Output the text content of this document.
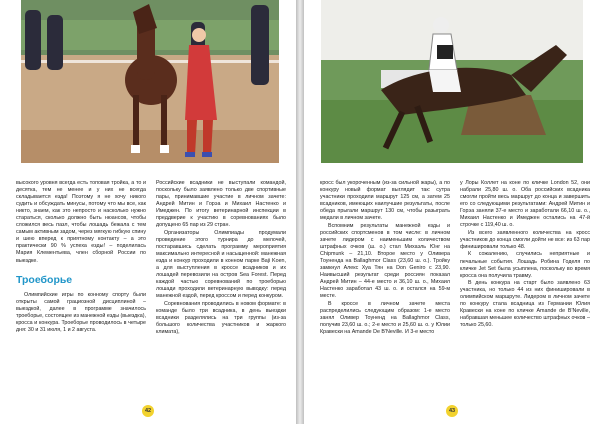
высокого уровня всегда есть топовая тройка, а то и десятка, тем не менее и у них не всегда складывается езда! Поэтому я не хочу никого судить и обсуждать минусы, потому что мы все, как никто, знаем, как это непросто и насколько нужно стараться, сколько должно быть нюансов, чтобы сложился весь пазл, чтобы лошадь бежала с тем самым активным задом, через мягкую гибкую спину и шею вперед к приятному контакту – а это практически 90 % успеха езды! – поделилась Мария Клементьева, член сборной России по выездке.

Троеборье

Олимпийские игры по конному спорту были открыты самой грациозной дисциплиной – выездкой, далее в программе значилось троеборье, состоящее из манежной езды (выездка), кросса и конкура. Троеборье проводилось в четыре дня: 30 и 31 июля, 1 и 2 августа.

Российские всадники не выступали командой, поскольку было заявлено только две спортивные пары, принимавшие участие в личном зачете: Андрей Митин и Горэа и Михаил Настенко и Имеджен. По итогу ветеринарной инспекции в преддверие к участию в соревнованиях было допущено 65 пар из 29 стран.

Организаторы Олимпиады продумали проведение этого турнира до мелочей, постаравшись сделать программу мероприятия максимально интересной и насыщенной: манежная езда и конкур проходили в конном парке Baji Koen, а для выступления в кроссе всадников и их лошадей перевозили на остров Sea Forest. Перед каждой частью соревнований по троеборью лошади проходили ветеринарную выводку: перед манежной ездой, перед кроссом и перед конкуром.

Соревнования проводились в новом формате: в команде было три всадника, в день выездки всадники разделялись на три группы (из-за большого количества участников и жаркого климата),

42

кросс был укороченным (из-за сильной жары), а по конкуру новый формат выглядит так: сутра участники проходили маршрут 125 см, а затем 25 всадников, имеющих наилучшие результаты, после обеда прыгали маршрут 130 см, чтобы разыграть медали в личном зачете.

Вспомним результаты манежной езды и российских спортсменов в том числе: в личном зачете лидером с наименьшим количеством штрафных очков (ш. о.) стал Михаэль Юнг на Chipmunk – 21,10. Второе место у Оливера Тоуненда на Ballaghmor Class (23,60 ш. о.). Тройку замкнул Алекс Хуа Тян на Don Geniro с 23,90. Наивысший результат среди россиян показал Андрей Митин – 44-е место и 36,10 ш. о., Михаил Настенко заработал 43 ш. о. и остался на 59-м месте.

В кроссе в личном зачете места распределились следующим образом: 1-е место занял Оливер Тоуненд на Ballaghmor Class, получив 23,60 ш. о.; 2-е место и 25,60 ш. о. у Юлии Кравески на Amande De B'Neville. И 3-е место

у Лоры Коллет на коне по кличке London 52, они набрали 25,80 ш. о. Оба российских всадника смогли пройти весь маршрут до конца и завершить его со следующими результатами: Андрей Митин и Горэа заняли 37-е место и заработали 66,10 ш. о., Михаил Настенко и Имеджен остались на 47-й строчке с 119,40 ш. о.

Из всего заявленного количества на кросс участников до конца смогли дойти не все: из 63 пар финишировали только 48.

К сожалению, случились неприятные и печальные события. Лошадь Робина Годеля по кличке Jet Set была усыплена, поскольку во время кросса она получила травму.

В день конкура на старт было заявлено 63 участника, но только 44 из них финишировали в олимпийском маршруте. Лидером в личном зачете по конкуру стала всадница из Германии Юлия Кравески на коне по кличке Amande de B'Neville, набравшая меньшее количество штрафных очков – только 25,60.

43
